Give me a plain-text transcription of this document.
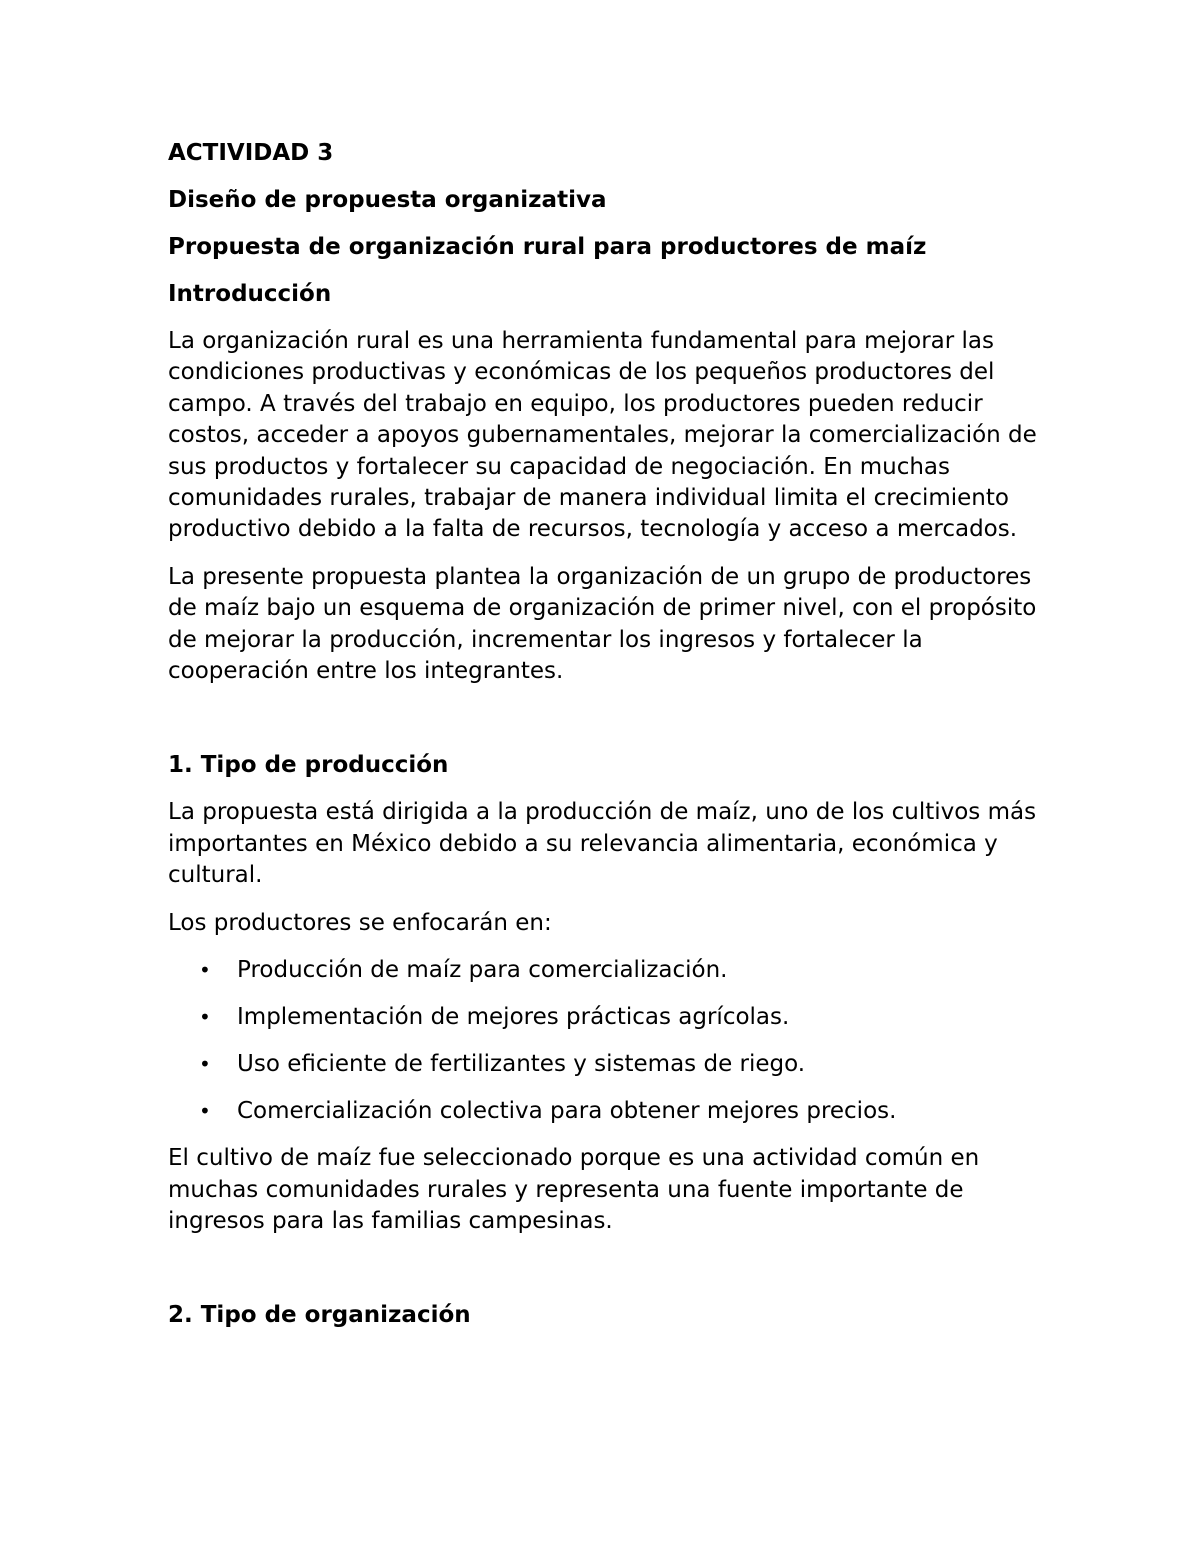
ACTIVIDAD 3
Diseño de propuesta organizativa
Propuesta de organización rural para productores de maíz
Introducción

La organización rural es una herramienta fundamental para mejorar las condiciones productivas y económicas de los pequeños productores del campo. A través del trabajo en equipo, los productores pueden reducir costos, acceder a apoyos gubernamentales, mejorar la comercialización de sus productos y fortalecer su capacidad de negociación. En muchas comunidades rurales, trabajar de manera individual limita el crecimiento productivo debido a la falta de recursos, tecnología y acceso a mercados.

La presente propuesta plantea la organización de un grupo de productores de maíz bajo un esquema de organización de primer nivel, con el propósito de mejorar la producción, incrementar los ingresos y fortalecer la cooperación entre los integrantes.

1. Tipo de producción

La propuesta está dirigida a la producción de maíz, uno de los cultivos más importantes en México debido a su relevancia alimentaria, económica y cultural.

Los productores se enfocarán en:

• Producción de maíz para comercialización.
• Implementación de mejores prácticas agrícolas.
• Uso eficiente de fertilizantes y sistemas de riego.
• Comercialización colectiva para obtener mejores precios.

El cultivo de maíz fue seleccionado porque es una actividad común en muchas comunidades rurales y representa una fuente importante de ingresos para las familias campesinas.

2. Tipo de organización
